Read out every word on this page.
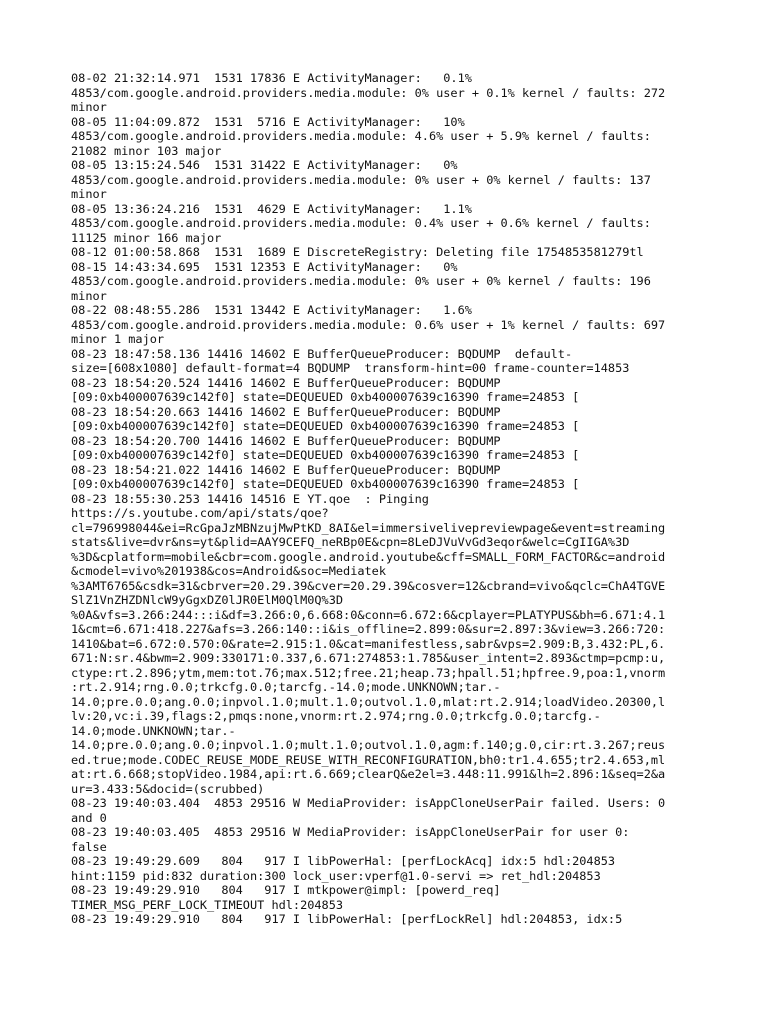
08-02 21:32:14.971  1531 17836 E ActivityManager:   0.1%

4853/com.google.android.providers.media.module: 0% user + 0.1% kernel / faults: 272

minor

08-05 11:04:09.872  1531  5716 E ActivityManager:   10%

4853/com.google.android.providers.media.module: 4.6% user + 5.9% kernel / faults:

21082 minor 103 major

08-05 13:15:24.546  1531 31422 E ActivityManager:   0%

4853/com.google.android.providers.media.module: 0% user + 0% kernel / faults: 137

minor

08-05 13:36:24.216  1531  4629 E ActivityManager:   1.1%

4853/com.google.android.providers.media.module: 0.4% user + 0.6% kernel / faults:

11125 minor 166 major

08-12 01:00:58.868  1531  1689 E DiscreteRegistry: Deleting file 1754853581279tl

08-15 14:43:34.695  1531 12353 E ActivityManager:   0%

4853/com.google.android.providers.media.module: 0% user + 0% kernel / faults: 196

minor

08-22 08:48:55.286  1531 13442 E ActivityManager:   1.6%

4853/com.google.android.providers.media.module: 0.6% user + 1% kernel / faults: 697

minor 1 major

08-23 18:47:58.136 14416 14602 E BufferQueueProducer: BQDUMP  default-

size=[608x1080] default-format=4 BQDUMP  transform-hint=00 frame-counter=14853

08-23 18:54:20.524 14416 14602 E BufferQueueProducer: BQDUMP

[09:0xb400007639c142f0] state=DEQUEUED 0xb400007639c16390 frame=24853 [

08-23 18:54:20.663 14416 14602 E BufferQueueProducer: BQDUMP

[09:0xb400007639c142f0] state=DEQUEUED 0xb400007639c16390 frame=24853 [

08-23 18:54:20.700 14416 14602 E BufferQueueProducer: BQDUMP

[09:0xb400007639c142f0] state=DEQUEUED 0xb400007639c16390 frame=24853 [

08-23 18:54:21.022 14416 14602 E BufferQueueProducer: BQDUMP

[09:0xb400007639c142f0] state=DEQUEUED 0xb400007639c16390 frame=24853 [

08-23 18:55:30.253 14416 14516 E YT.qoe  : Pinging

https://s.youtube.com/api/stats/qoe?

cl=796998044&ei=RcGpaJzMBNzujMwPtKD_8AI&el=immersivelivepreviewpage&event=streaming

stats&live=dvr&ns=yt&plid=AAY9CEFQ_neRBp0E&cpn=8LeDJVuVvGd3eqor&welc=CgIIGA%3D

%3D&cplatform=mobile&cbr=com.google.android.youtube&cff=SMALL_FORM_FACTOR&c=android

&cmodel=vivo%201938&cos=Android&soc=Mediatek

%3AMT6765&csdk=31&cbrver=20.29.39&cver=20.29.39&cosver=12&cbrand=vivo&qclc=ChA4TGVE

SlZ1VnZHZDNlcW9yGgxDZ0lJR0ElM0QlM0Q%3D

%0A&vfs=3.266:244:::i&df=3.266:0,6.668:0&conn=6.672:6&cplayer=PLATYPUS&bh=6.671:4.1

1&cmt=6.671:418.227&afs=3.266:140::i&is_offline=2.899:0&sur=2.897:3&view=3.266:720:

1410&bat=6.672:0.570:0&rate=2.915:1.0&cat=manifestless,sabr&vps=2.909:B,3.432:PL,6.

671:N:sr.4&bwm=2.909:330171:0.337,6.671:274853:1.785&user_intent=2.893&ctmp=pcmp:u,

ctype:rt.2.896;ytm,mem:tot.76;max.512;free.21;heap.73;hpall.51;hpfree.9,poa:1,vnorm

:rt.2.914;rng.0.0;trkcfg.0.0;tarcfg.-14.0;mode.UNKNOWN;tar.-

14.0;pre.0.0;ang.0.0;inpvol.1.0;mult.1.0;outvol.1.0,mlat:rt.2.914;loadVideo.20300,l

lv:20,vc:i.39,flags:2,pmqs:none,vnorm:rt.2.974;rng.0.0;trkcfg.0.0;tarcfg.-

14.0;mode.UNKNOWN;tar.-

14.0;pre.0.0;ang.0.0;inpvol.1.0;mult.1.0;outvol.1.0,agm:f.140;g.0,cir:rt.3.267;reus

ed.true;mode.CODEC_REUSE_MODE_REUSE_WITH_RECONFIGURATION,bh0:tr1.4.655;tr2.4.653,ml

at:rt.6.668;stopVideo.1984,api:rt.6.669;clearQ&e2el=3.448:11.991&lh=2.896:1&seq=2&a

ur=3.433:5&docid=(scrubbed)

08-23 19:40:03.404  4853 29516 W MediaProvider: isAppCloneUserPair failed. Users: 0

and 0

08-23 19:40:03.405  4853 29516 W MediaProvider: isAppCloneUserPair for user 0:

false

08-23 19:49:29.609   804   917 I libPowerHal: [perfLockAcq] idx:5 hdl:204853

hint:1159 pid:832 duration:300 lock_user:vperf@1.0-servi => ret_hdl:204853

08-23 19:49:29.910   804   917 I mtkpower@impl: [powerd_req]

TIMER_MSG_PERF_LOCK_TIMEOUT hdl:204853

08-23 19:49:29.910   804   917 I libPowerHal: [perfLockRel] hdl:204853, idx:5
